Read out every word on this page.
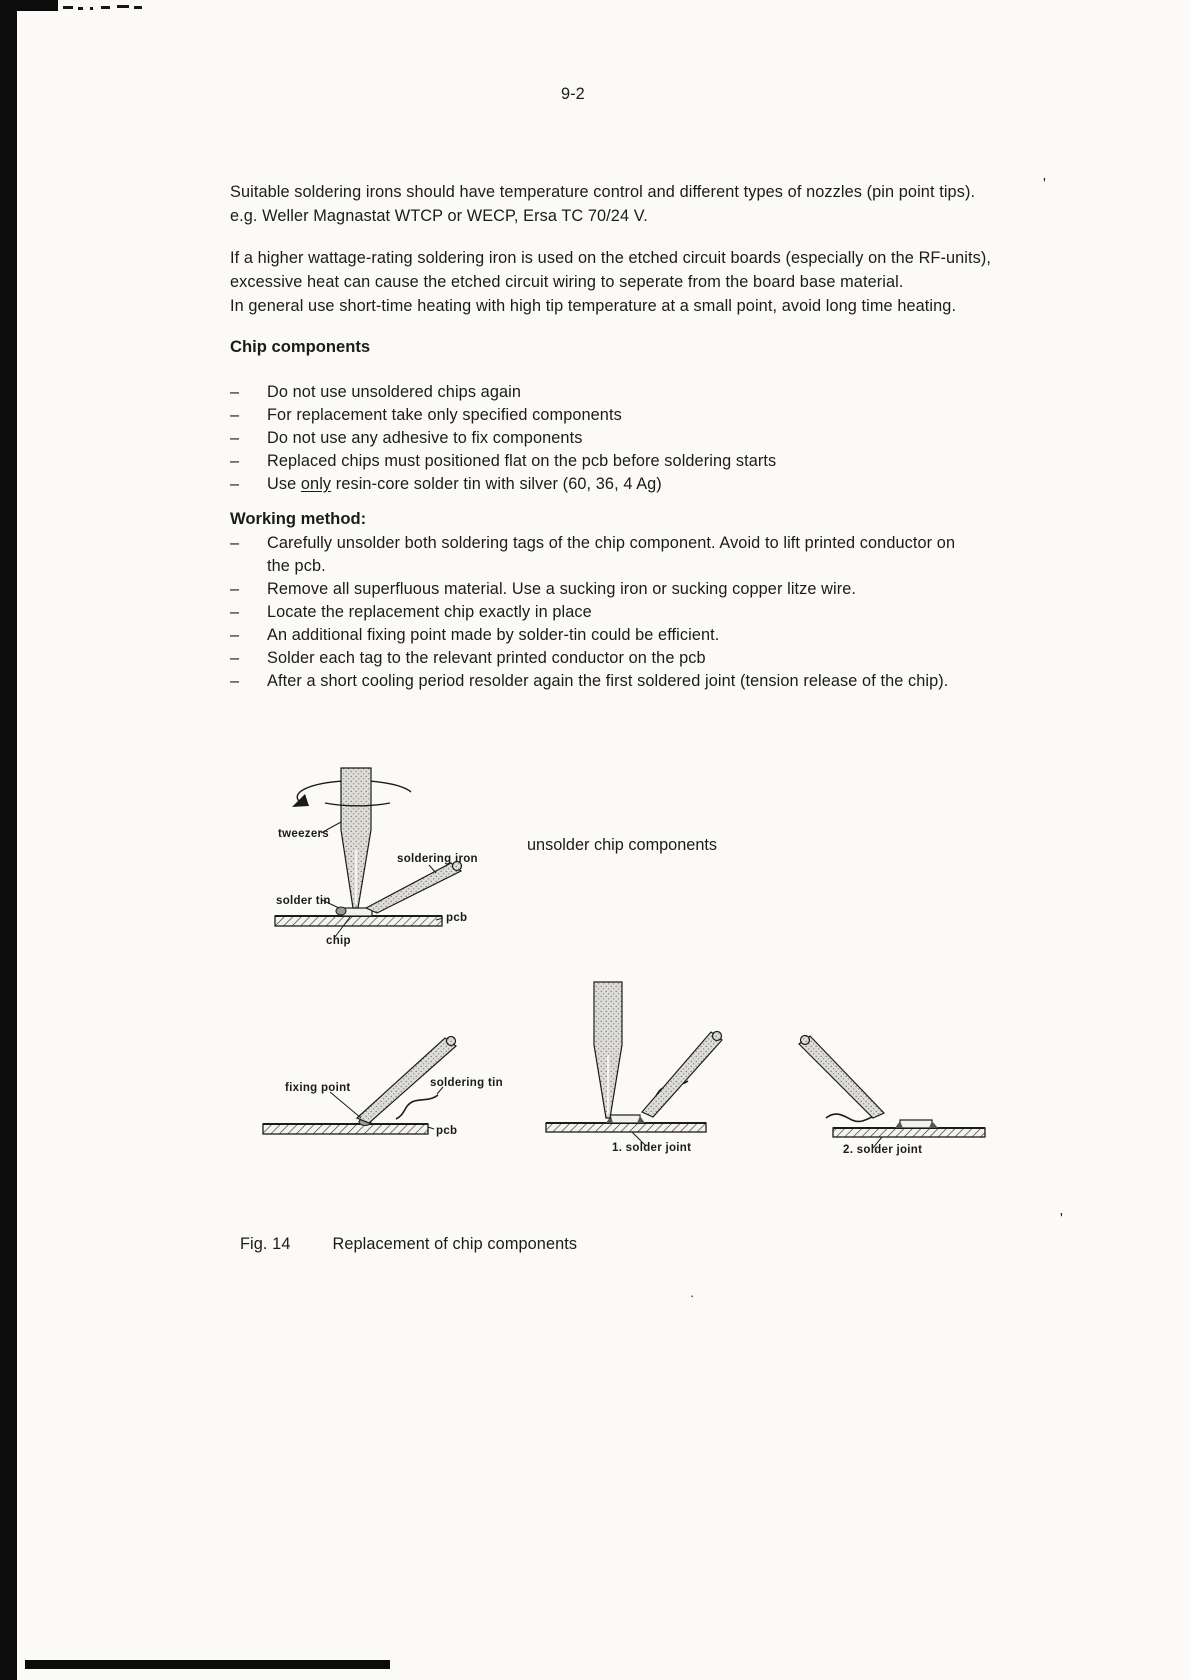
'
'
·
9-2
Suitable soldering irons should have temperature control and different types of nozzles (pin point tips).
e.g. Weller Magnastat WTCP or WECP, Ersa TC 70/24 V.
If a higher wattage-rating soldering iron is used on the etched circuit boards (especially on the RF-units),
excessive heat can cause the etched circuit wiring to seperate from the board base material.
In general use short-time heating with high tip temperature at a small point, avoid long time heating.
Chip components
–	Do not use unsoldered chips again
–	For replacement take only specified components
–	Do not use any adhesive to fix components
–	Replaced chips must positioned flat on the pcb before soldering starts
–	Use only resin-core solder tin with silver (60, 36, 4 Ag)
Working method:
–	Carefully unsolder both soldering tags of the chip component. Avoid to lift printed conductor on
the pcb.
–	Remove all superfluous material. Use a sucking iron or sucking copper litze wire.
–	Locate the replacement chip exactly in place
–	An additional fixing point made by solder-tin could be efficient.
–	Solder each tag to the relevant printed conductor on the pcb
–	After a short cooling period resolder again the first soldered joint (tension release of the chip).
tweezers
soldering iron
solder tin
pcb
chip
unsolder chip components
fixing point	soldering tin
pcb
1. solder joint	2. solder joint
Fig. 14	Replacement of chip components
